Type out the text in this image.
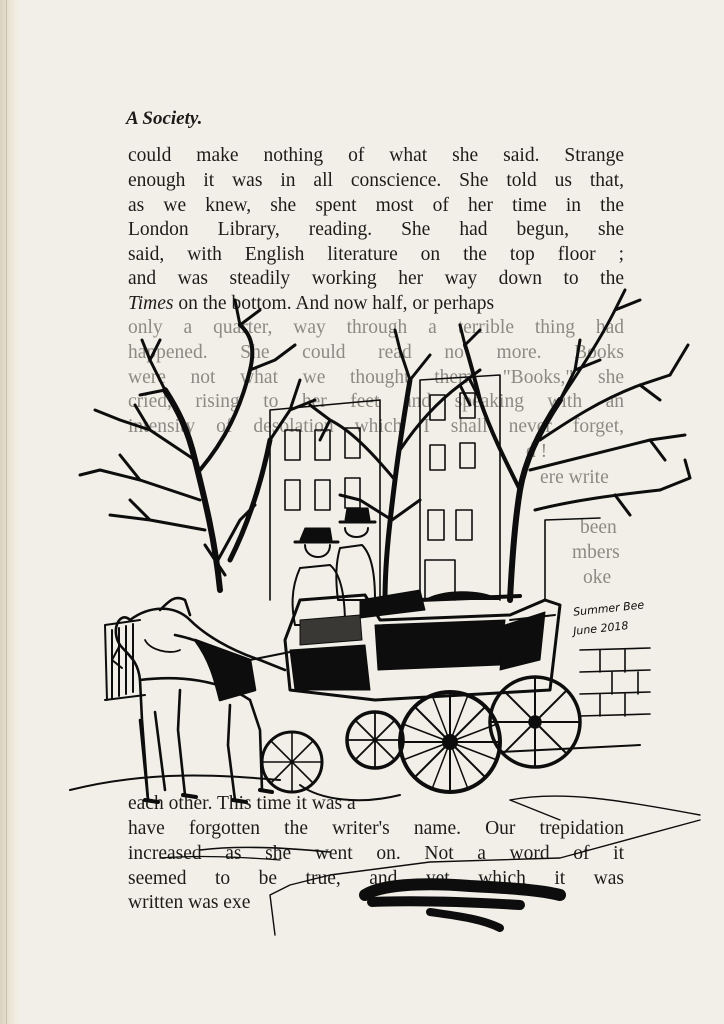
A Society.
could make nothing of what she said. Strange
enough it was in all conscience. She told us that,
as we knew, she spent most of her time in the
London Library, reading. She had begun, she
said, with English literature on the top floor ;
and was steadily working her way down to the
Times on the bottom. And now half, or perhaps
only a quarter, way through a terrible thing had
happened. She could read no more. Books
were not what we thought them. "Books," she
cried, rising to her feet and speaking with an
intensity of desolation which I shall never forget,
d !
ere write
been
mbers
oke
each other. This time it was a
have forgotten the writer's name. Our trepidation
increased as she went on. Not a word of it
seemed to be true, and yet which it was
written was exe
Summer Bee
June 2018
